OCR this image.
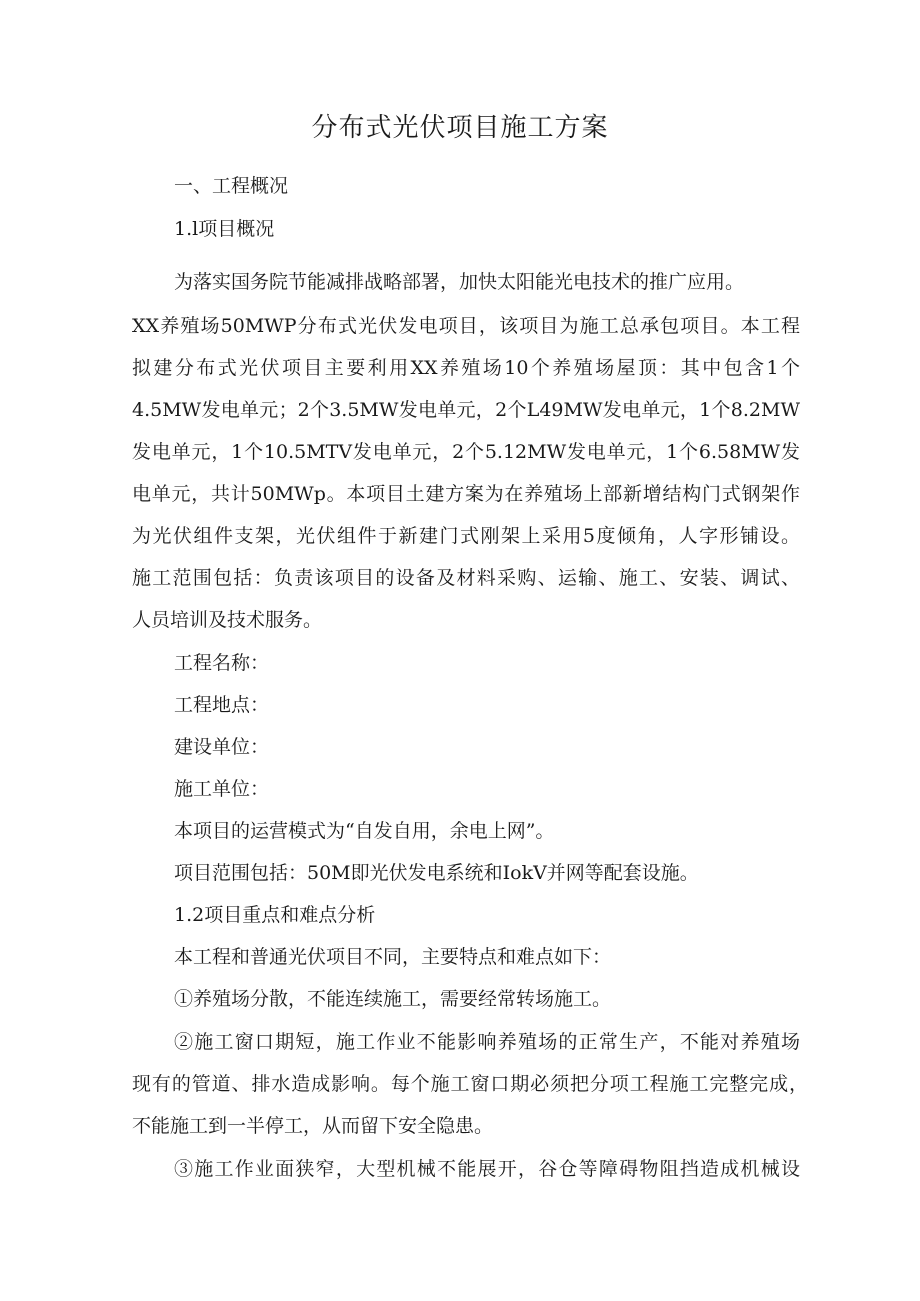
分布式光伏项目施工方案
一、工程概况
1.l项目概况
为落实国务院节能减排战略部署，加快太阳能光电技术的推广应用。
XX养殖场50MWP分布式光伏发电项目，该项目为施工总承包项目。本工程
拟建分布式光伏项目主要利用XX养殖场10个养殖场屋顶：其中包含1个
4.5MW发电单元；2个3.5MW发电单元，2个L49MW发电单元，1个8.2MW
发电单元，1个10.5MTV发电单元，2个5.12MW发电单元，1个6.58MW发
电单元，共计50MWp。本项目土建方案为在养殖场上部新增结构门式钢架作
为光伏组件支架，光伏组件于新建门式刚架上采用5度倾角，人字形铺设。
施工范围包括：负责该项目的设备及材料采购、运输、施工、安装、调试、
人员培训及技术服务。
工程名称：
工程地点：
建设单位：
施工单位：
本项目的运营模式为“自发自用，余电上网”。
项目范围包括：50M即光伏发电系统和IokV并网等配套设施。
1.2项目重点和难点分析
本工程和普通光伏项目不同，主要特点和难点如下：
①养殖场分散，不能连续施工，需要经常转场施工。
②施工窗口期短，施工作业不能影响养殖场的正常生产，不能对养殖场
现有的管道、排水造成影响。每个施工窗口期必须把分项工程施工完整完成，
不能施工到一半停工，从而留下安全隐患。
③施工作业面狭窄，大型机械不能展开，谷仓等障碍物阻挡造成机械设
